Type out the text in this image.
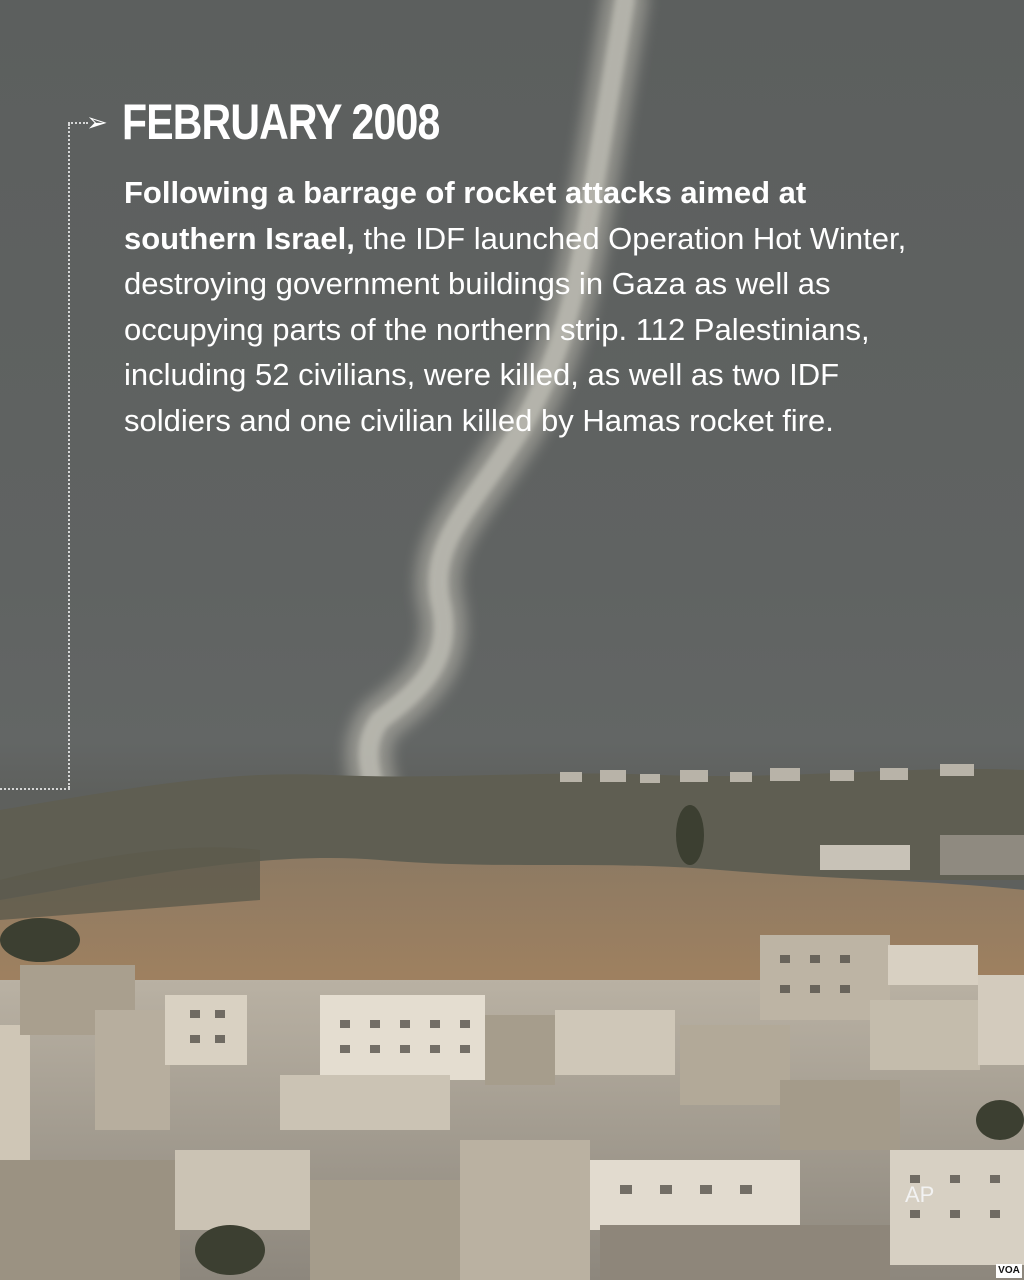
➢ FEBRUARY 2008

Following a barrage of rocket attacks aimed at southern Israel, the IDF launched Operation Hot Winter, destroying government buildings in Gaza as well as occupying parts of the northern strip. 112 Palestinians, including 52 civilians, were killed, as well as two IDF soldiers and one civilian killed by Hamas rocket fire.

AP
VOA
